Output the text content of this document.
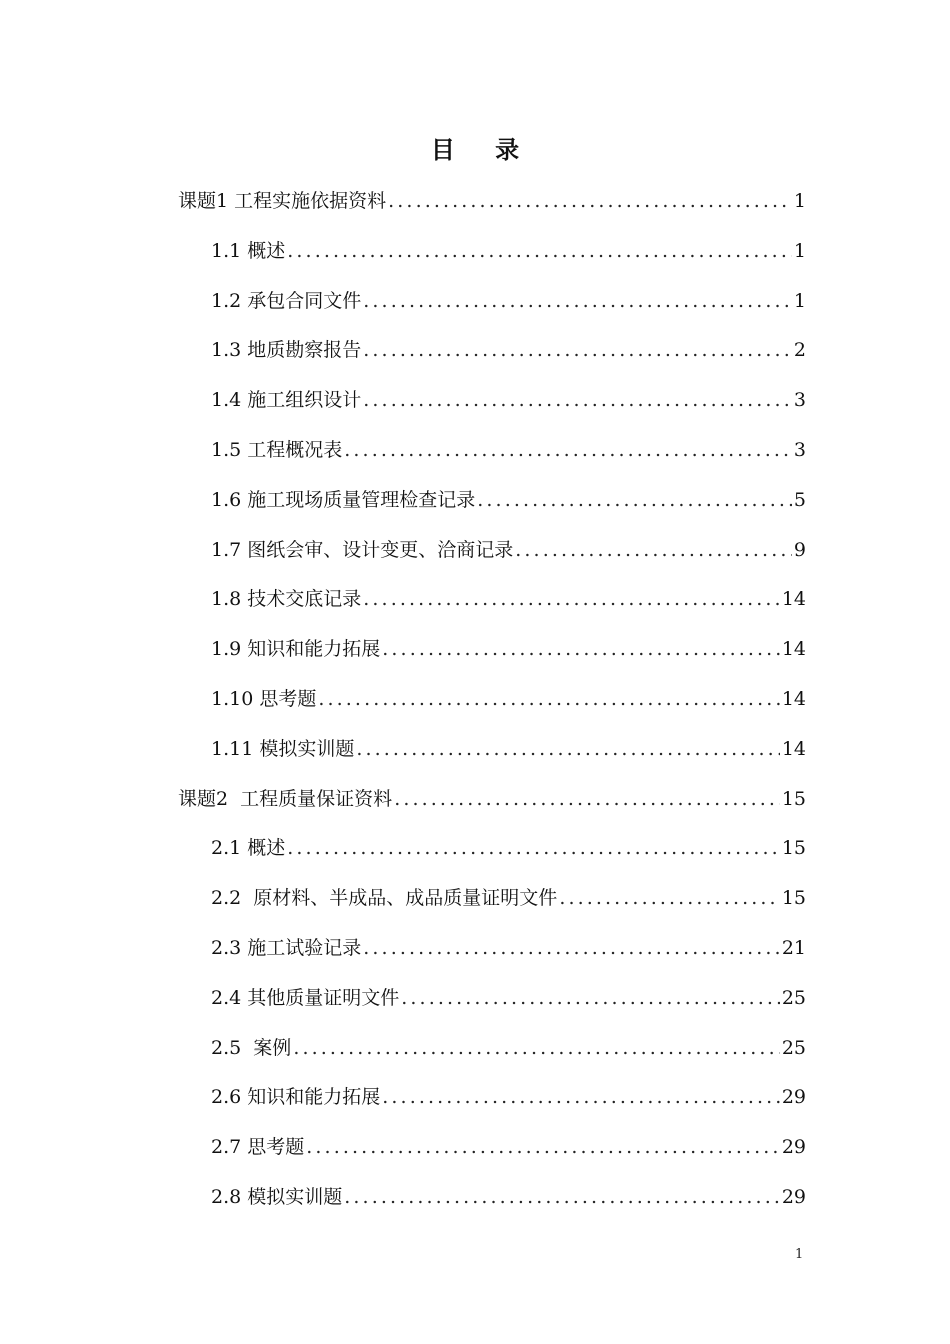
目 录
课题1 工程实施依据资料 .....	1
1.1 概述 .....	1
1.2 承包合同文件 .....	1
1.3 地质勘察报告 .....	2
1.4 施工组织设计 .....	3
1.5 工程概况表 .....	3
1.6 施工现场质量管理检查记录 .....	5
1.7 图纸会审、设计变更、洽商记录 .....	9
1.8 技术交底记录 .....	14
1.9 知识和能力拓展 .....	14
1.10 思考题 .....	14
1.11 模拟实训题 .....	14
课题2 工程质量保证资料 .....	15
2.1 概述 .....	15
2.2 原材料、半成品、成品质量证明文件 .....	15
2.3 施工试验记录 .....	21
2.4 其他质量证明文件 .....	25
2.5 案例 .....	25
2.6 知识和能力拓展 .....	29
2.7 思考题 .....	29
2.8 模拟实训题 .....	29
1
